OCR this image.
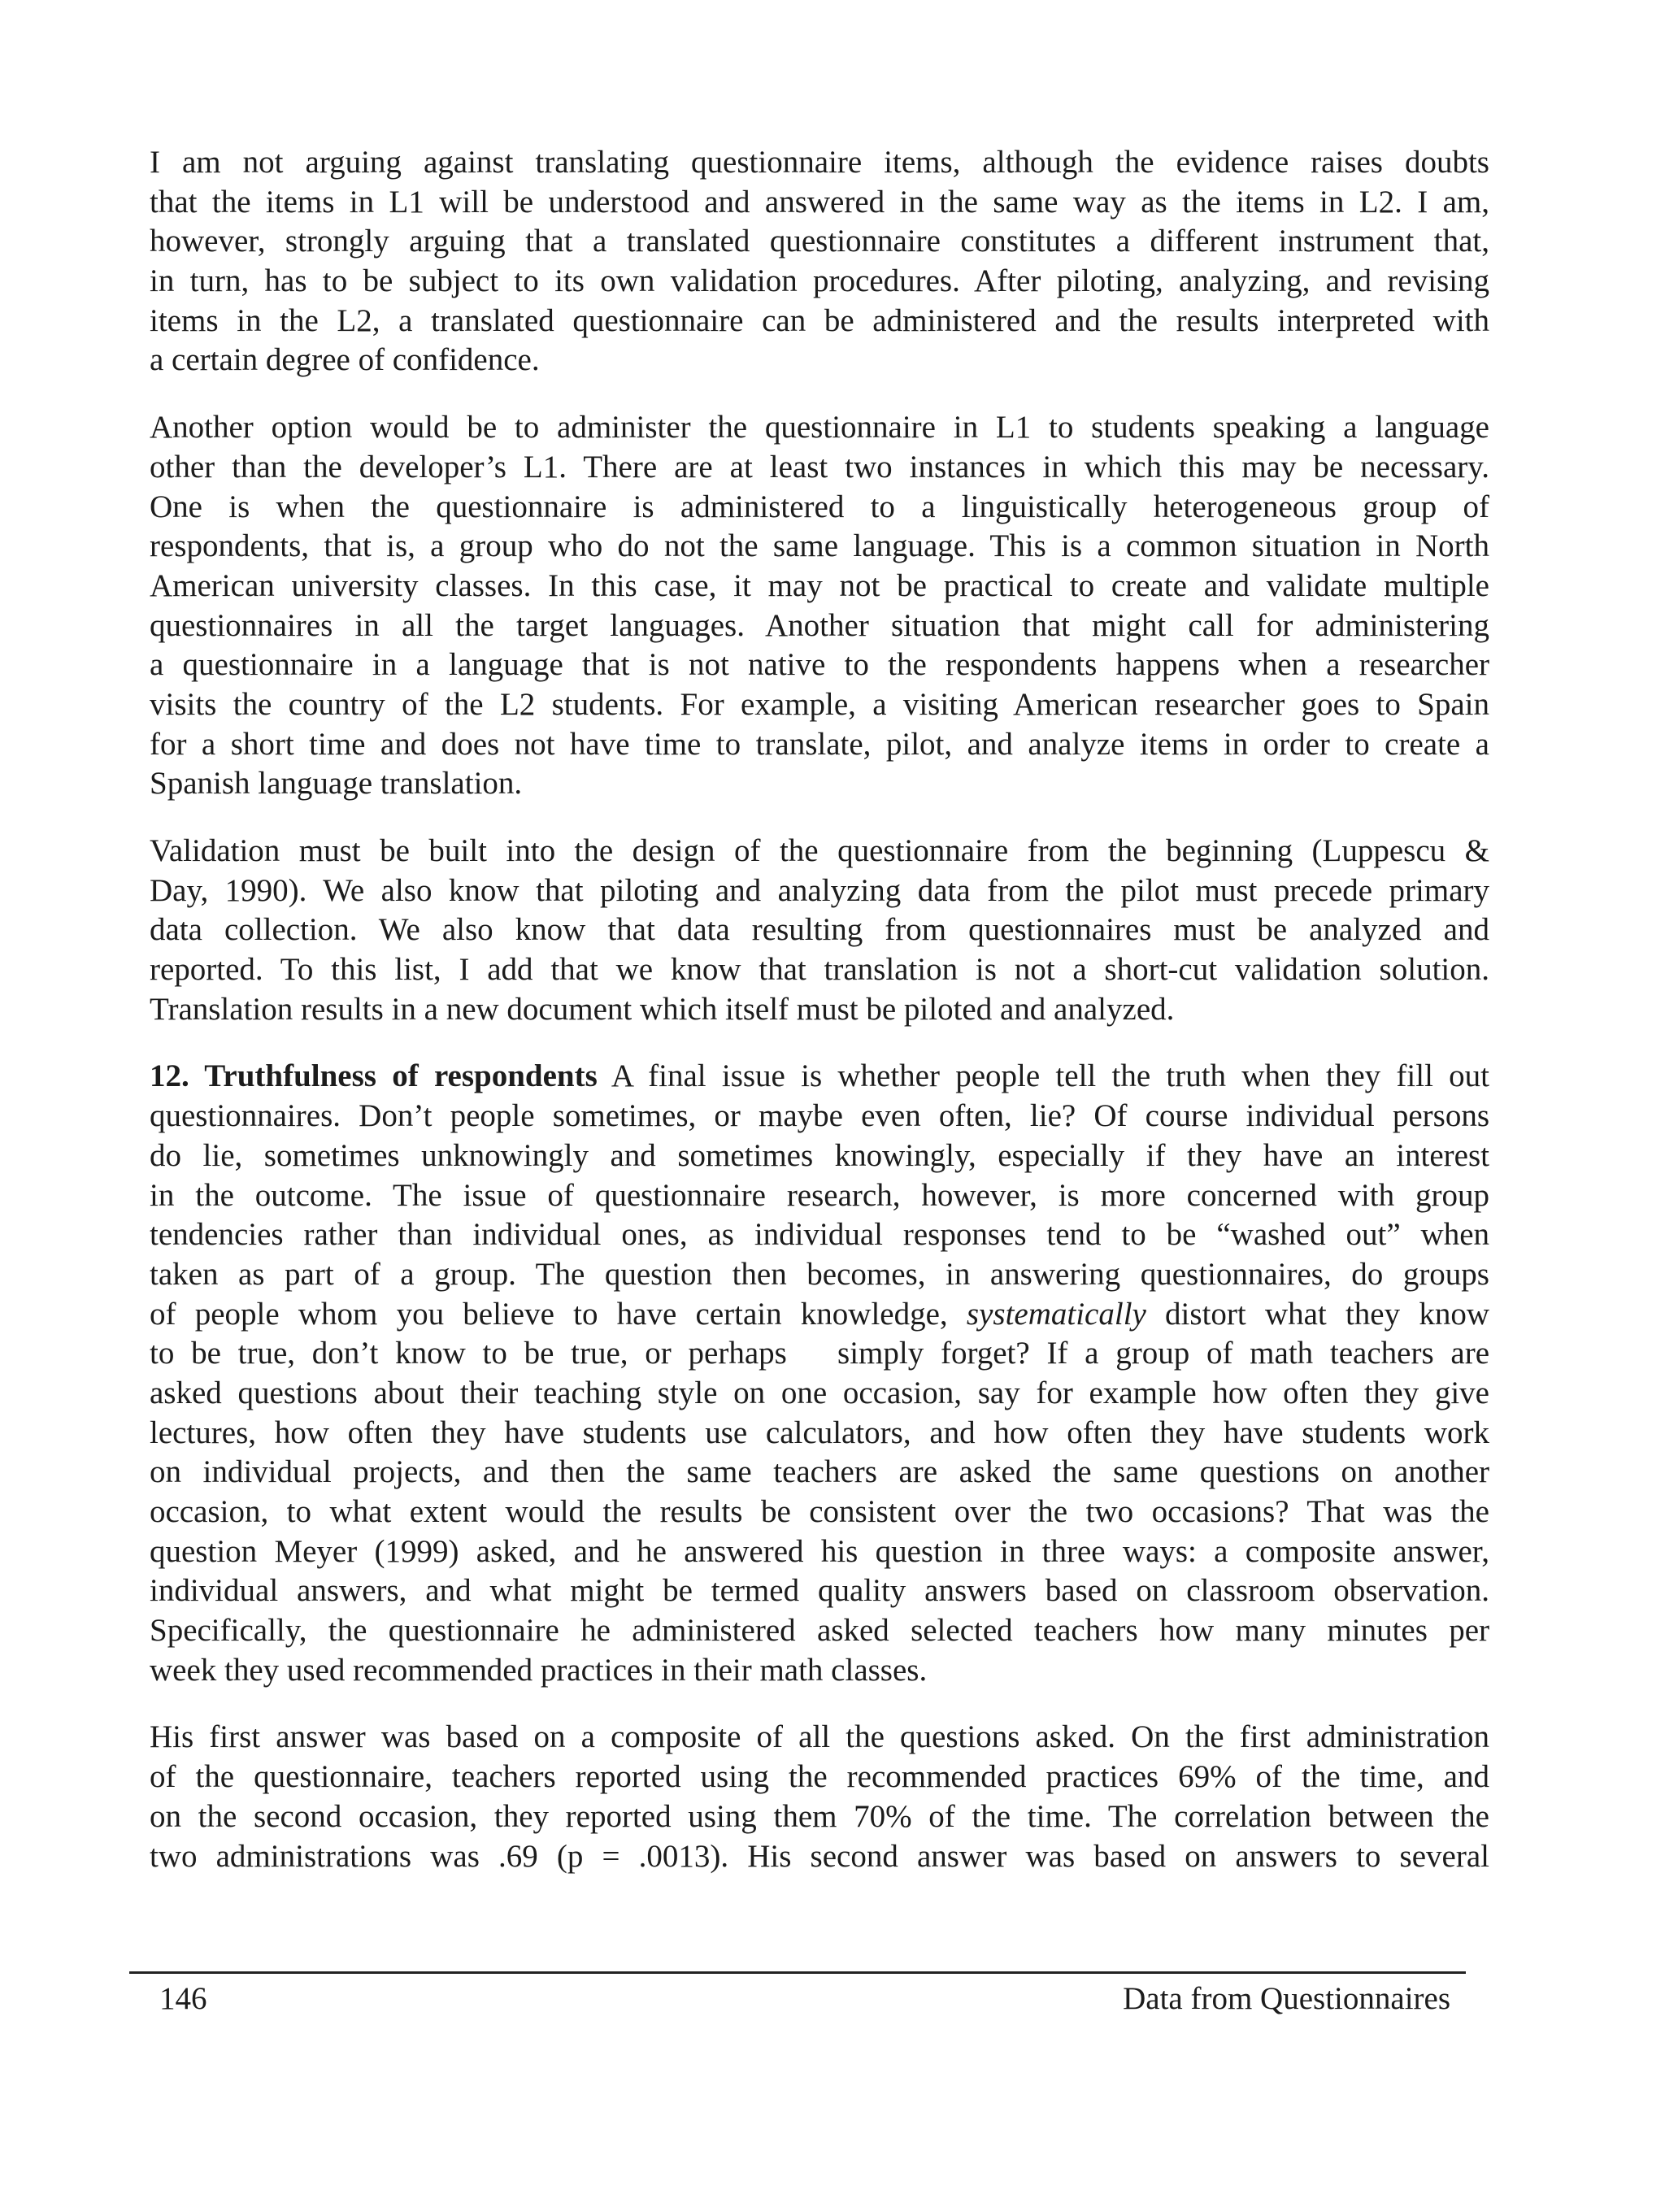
I am not arguing against translating questionnaire items, although the evidence raises doubts
that the items in L1 will be understood and answered in the same way as the items in L2. I am,
however, strongly arguing that a translated questionnaire constitutes a different instrument that,
in turn, has to be subject to its own validation procedures. After piloting, analyzing, and revising
items in the L2, a translated questionnaire can be administered and the results interpreted with
a certain degree of confidence.
Another option would be to administer the questionnaire in L1 to students speaking a language
other than the developer’s L1. There are at least two instances in which this may be necessary.
One is when the questionnaire is administered to a linguistically heterogeneous group of
respondents, that is, a group who do not the same language. This is a common situation in North
American university classes. In this case, it may not be practical to create and validate multiple
questionnaires in all the target languages. Another situation that might call for administering
a questionnaire in a language that is not native to the respondents happens when a researcher
visits the country of the L2 students. For example, a visiting American researcher goes to Spain
for a short time and does not have time to translate, pilot, and analyze items in order to create a
Spanish language translation.
Validation must be built into the design of the questionnaire from the beginning (Luppescu &
Day, 1990). We also know that piloting and analyzing data from the pilot must precede primary
data collection. We also know that data resulting from questionnaires must be analyzed and
reported. To this list, I add that we know that translation is not a short-cut validation solution.
Translation results in a new document which itself must be piloted and analyzed.
12. Truthfulness of respondents A final issue is whether people tell the truth when they fill out
questionnaires. Don’t people sometimes, or maybe even often, lie? Of course individual persons
do lie, sometimes unknowingly and sometimes knowingly, especially if they have an interest
in the outcome. The issue of questionnaire research, however, is more concerned with group
tendencies rather than individual ones, as individual responses tend to be “washed out” when
taken as part of a group. The question then becomes, in answering questionnaires, do groups
of people whom you believe to have certain knowledge, systematically distort what they know
to be true, don’t know to be true, or perhaps   simply forget? If a group of math teachers are
asked questions about their teaching style on one occasion, say for example how often they give
lectures, how often they have students use calculators, and how often they have students work
on individual projects, and then the same teachers are asked the same questions on another
occasion, to what extent would the results be consistent over the two occasions? That was the
question Meyer (1999) asked, and he answered his question in three ways: a composite answer,
individual answers, and what might be termed quality answers based on classroom observation.
Specifically, the questionnaire he administered asked selected teachers how many minutes per
week they used recommended practices in their math classes.
His first answer was based on a composite of all the questions asked. On the first administration
of the questionnaire, teachers reported using the recommended practices 69% of the time, and
on the second occasion, they reported using them 70% of the time. The correlation between the
two administrations was .69 (p = .0013). His second answer was based on answers to several
146	Data from Questionnaires
